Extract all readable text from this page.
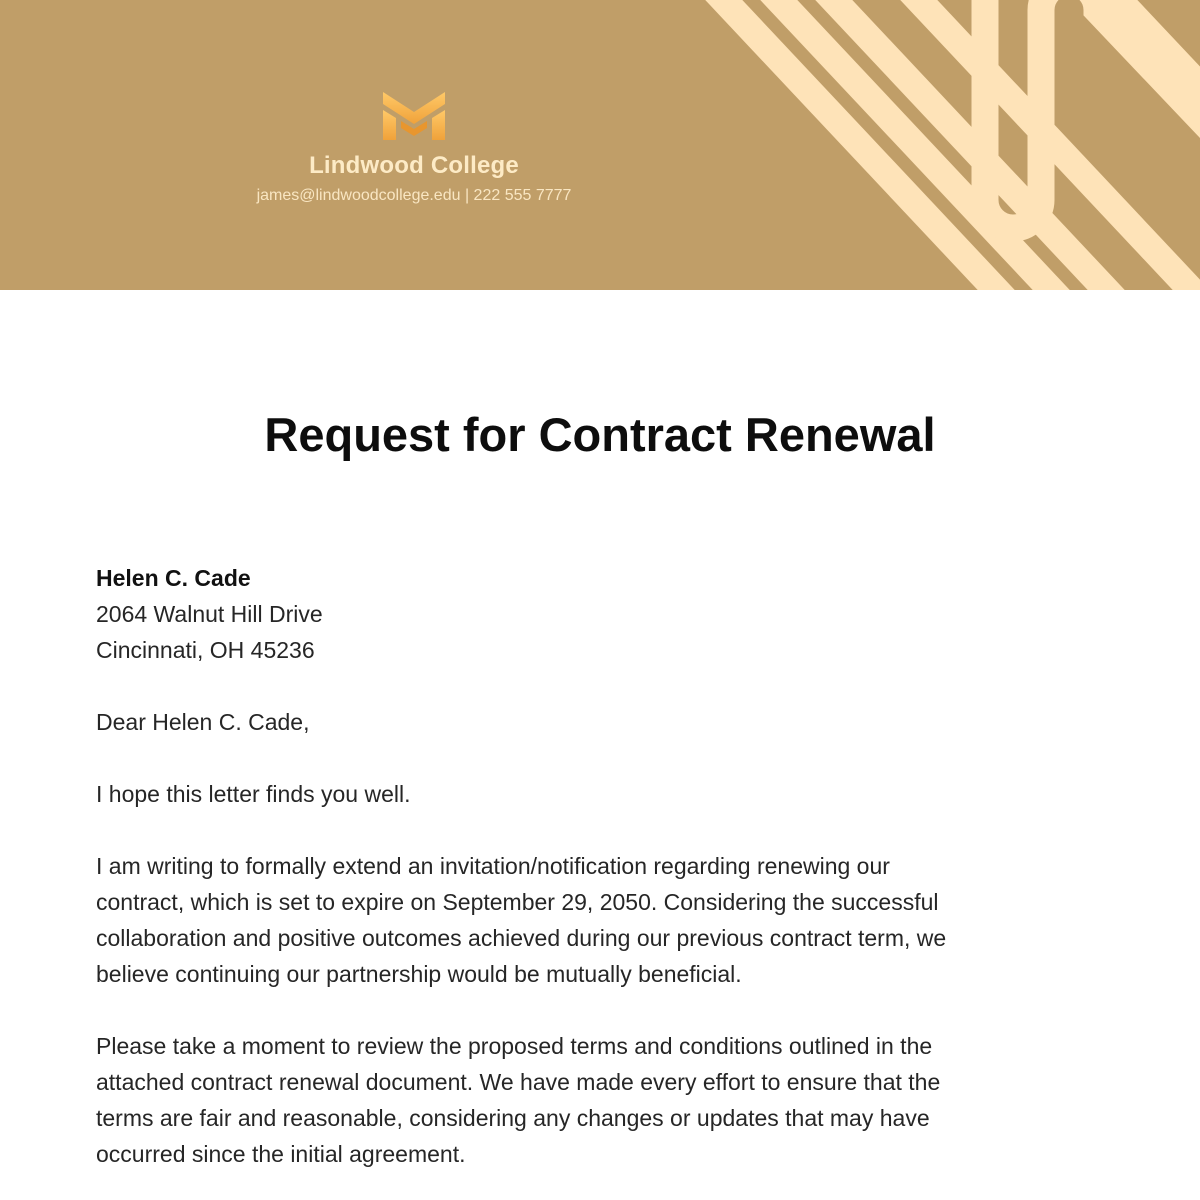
Lindwood College
james@lindwoodcollege.edu | 222 555 7777
Request for Contract Renewal
Helen C. Cade
2064 Walnut Hill Drive
Cincinnati, OH 45236

Dear Helen C. Cade,

I hope this letter finds you well.

I am writing to formally extend an invitation/notification regarding renewing our
contract, which is set to expire on September 29, 2050. Considering the successful
collaboration and positive outcomes achieved during our previous contract term, we
believe continuing our partnership would be mutually beneficial.

Please take a moment to review the proposed terms and conditions outlined in the
attached contract renewal document. We have made every effort to ensure that the
terms are fair and reasonable, considering any changes or updates that may have
occurred since the initial agreement.
